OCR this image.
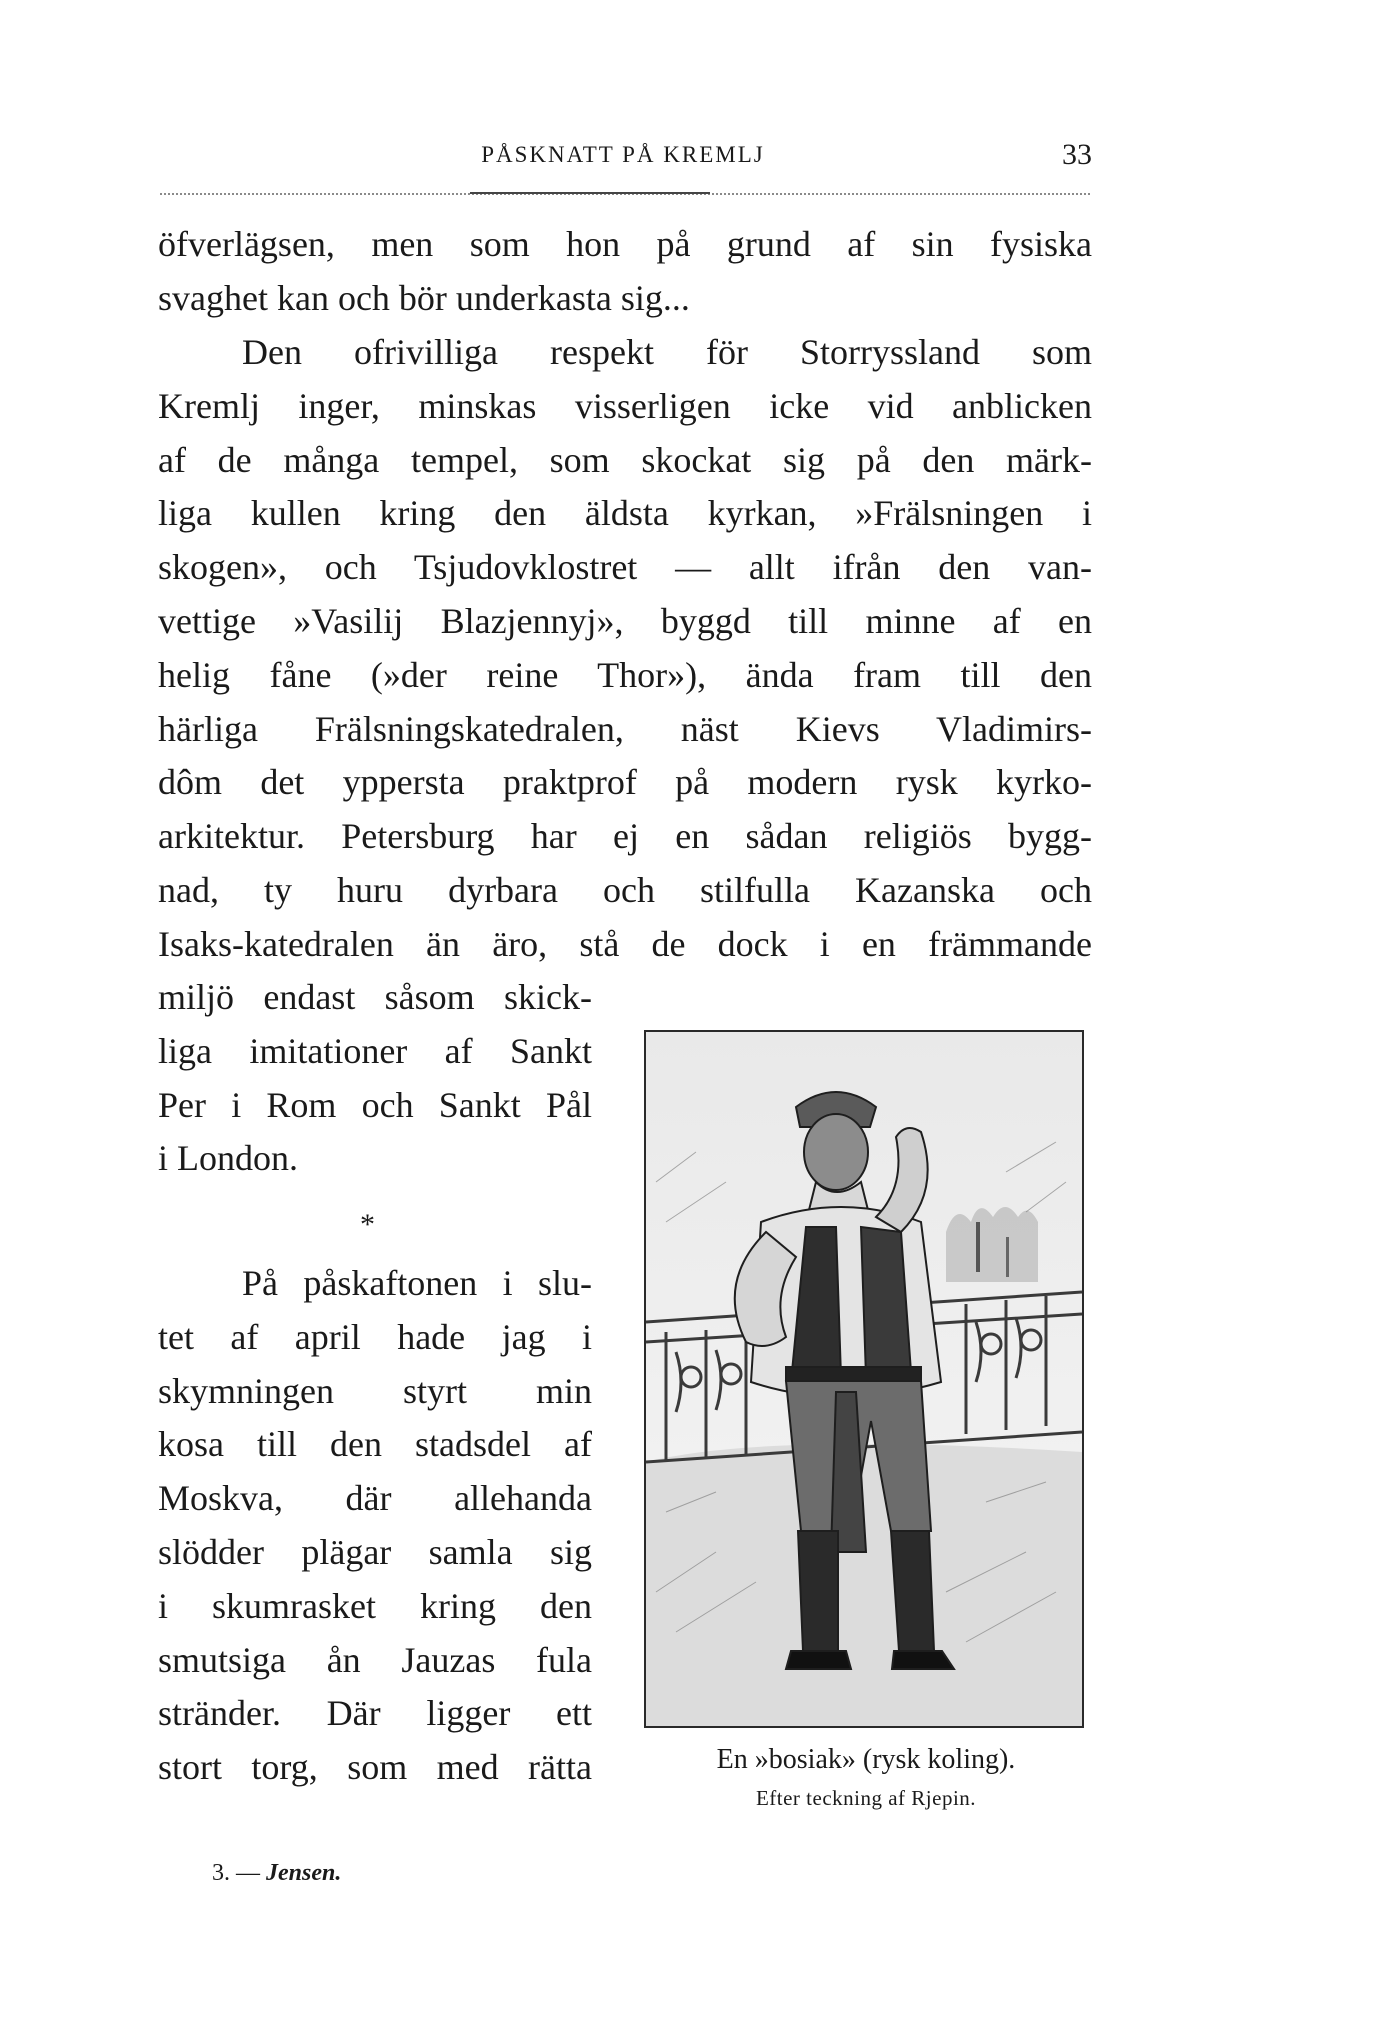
PÅSKNATT PÅ KREMLJ	33

öfverlägsen, men som hon på grund af sin fysiska
svaghet kan och bör underkasta sig...

Den ofrivilliga respekt för Storryssland som
Kremlj inger, minskas visserligen icke vid anblicken
af de många tempel, som skockat sig på den märk-
liga kullen kring den äldsta kyrkan, »Frälsningen i
skogen», och Tsjudovklostret — allt ifrån den van-
vettige »Vasilij Blazjennyj», byggd till minne af en
helig fåne (»der reine Thor»), ända fram till den
härliga Frälsningskatedralen, näst Kievs Vladimirs-
dôm det yppersta praktprof på modern rysk kyrko-
arkitektur. Petersburg har ej en sådan religiös bygg-
nad, ty huru dyrbara och stilfulla Kazanska och
Isaks-katedralen än äro, stå de dock i en främmande

miljö endast såsom skick-
liga imitationer af Sankt
Per i Rom och Sankt Pål
i London.

*

På påskaftonen i slu-
tet af april hade jag i
skymningen styrt min
kosa till den stadsdel af
Moskva, där allehanda
slödder plägar samla sig
i skumrasket kring den
smutsiga ån Jauzas fula
stränder. Där ligger ett
stort torg, som med rätta	En »bosiak» (rysk koling).
Efter teckning af Rjepin.
3. — Jensen.
